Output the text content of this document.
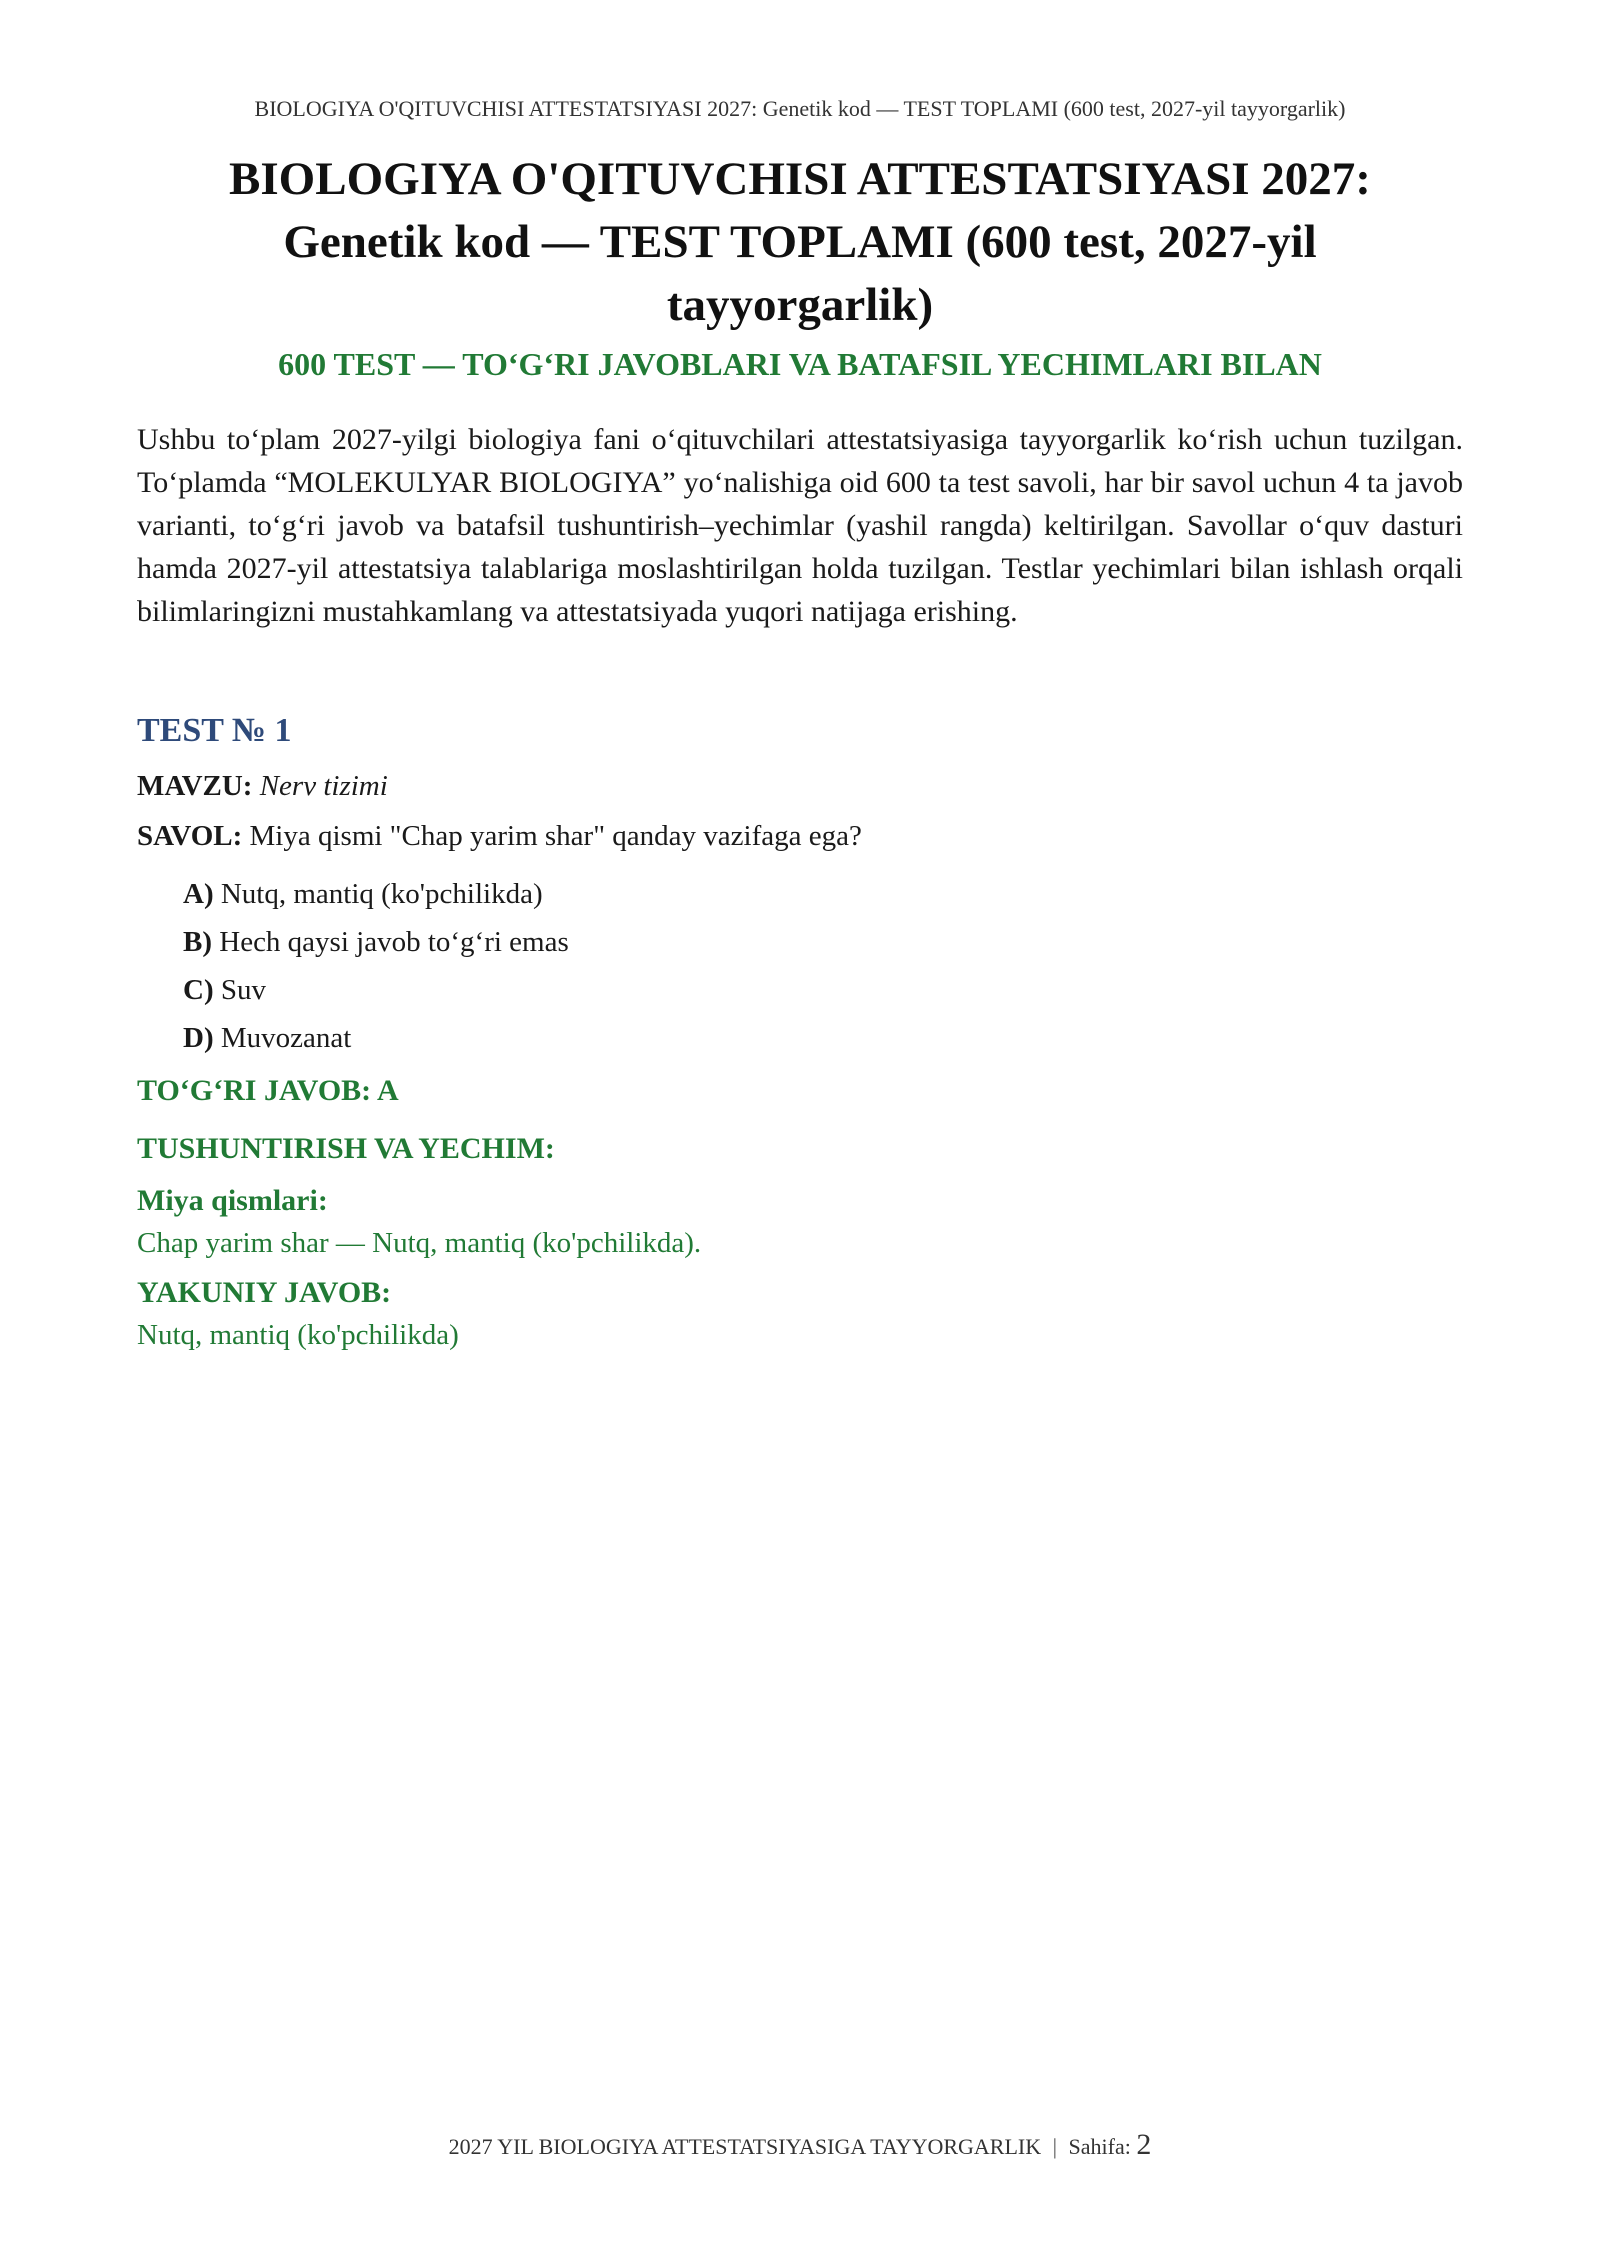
BIOLOGIYA O'QITUVCHISI ATTESTATSIYASI 2027: Genetik kod — TEST TOPLAMI (600 test, 2027-yil tayyorgarlik)
BIOLOGIYA O'QITUVCHISI ATTESTATSIYASI 2027:
Genetik kod — TEST TOPLAMI (600 test, 2027-yil
tayyorgarlik)
600 TEST — TO‘G‘RI JAVOBLARI VA BATAFSIL YECHIMLARI BILAN

Ushbu to‘plam 2027-yilgi biologiya fani o‘qituvchilari attestatsiyasiga tayyorgarlik ko‘rish uchun tuzilgan. To‘plamda “MOLEKULYAR BIOLOGIYA” yo‘nalishiga oid 600 ta test savoli, har bir savol uchun 4 ta javob varianti, to‘g‘ri javob va batafsil tushuntirish–yechimlar (yashil rangda) keltirilgan. Savollar o‘quv dasturi hamda 2027-yil attestatsiya talablariga moslashtirilgan holda tuzilgan. Testlar yechimlari bilan ishlash orqali bilimlaringizni mustahkamlang va attestatsiyada yuqori natijaga erishing.

TEST № 1
MAVZU: Nerv tizimi
SAVOL: Miya qismi "Chap yarim shar" qanday vazifaga ega?
A) Nutq, mantiq (ko'pchilikda)
B) Hech qaysi javob to‘g‘ri emas
C) Suv
D) Muvozanat
TO‘G‘RI JAVOB: A
TUSHUNTIRISH VA YECHIM:
Miya qismlari:
Chap yarim shar — Nutq, mantiq (ko'pchilikda).
YAKUNIY JAVOB:
Nutq, mantiq (ko'pchilikda)
2027 YIL BIOLOGIYA ATTESTATSIYASIGA TAYYORGARLIK | Sahifa: 2
